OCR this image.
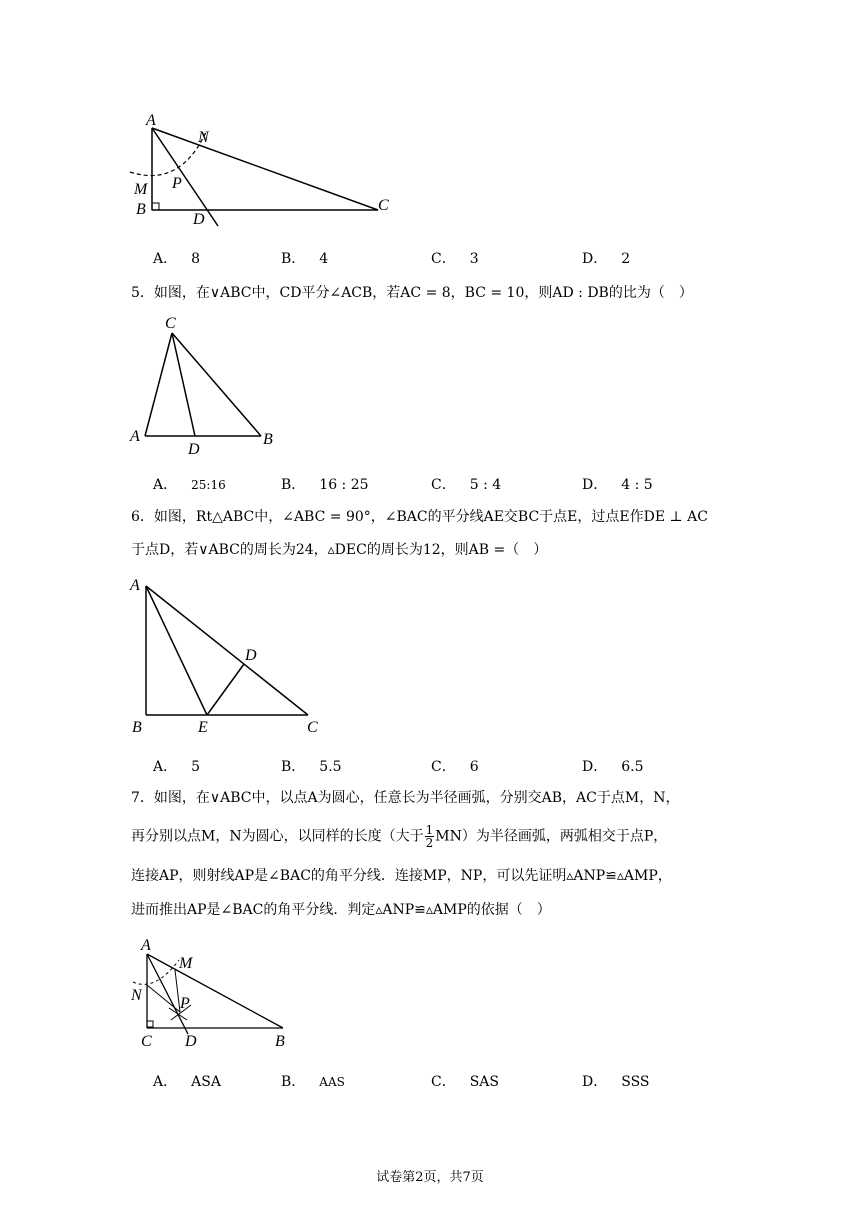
A
N
P
M
B
D
C
A． 8	B． 4	C． 3	D． 2
5．如图，在∨ABC中，CD平分∠ACB，若AC = 8，BC = 10，则AD : DB的比为（　）
C
A
D
B
A． 25:16	B． 16 : 25	C． 5 : 4	D． 4 : 5
6．如图，Rt△ABC中，∠ABC = 90°，∠BAC的平分线AE交BC于点E，过点E作DE ⊥ AC
于点D，若∨ABC的周长为24，▵DEC的周长为12，则AB =（　）
A
D
B	E	C
A． 5	B． 5.5	C． 6	D． 6.5
7．如图，在∨ABC中，以点A为圆心，任意长为半径画弧，分别交AB，AC于点M，N，
再分别以点M，N为圆心，以同样的长度（大于 $\frac{1}{2} MN$）为半径画弧，两弧相交于点P，
连接AP，则射线AP是∠BAC的角平分线．连接MP，NP，可以先证明▵ANP≌▵AMP，
进而推出AP是∠BAC的角平分线．判定▵ANP≌▵AMP的依据（　）
A
M
N P
C D	B
A． ASA	B． AAS	C． SAS	D． SSS
试卷第2页，共7页
